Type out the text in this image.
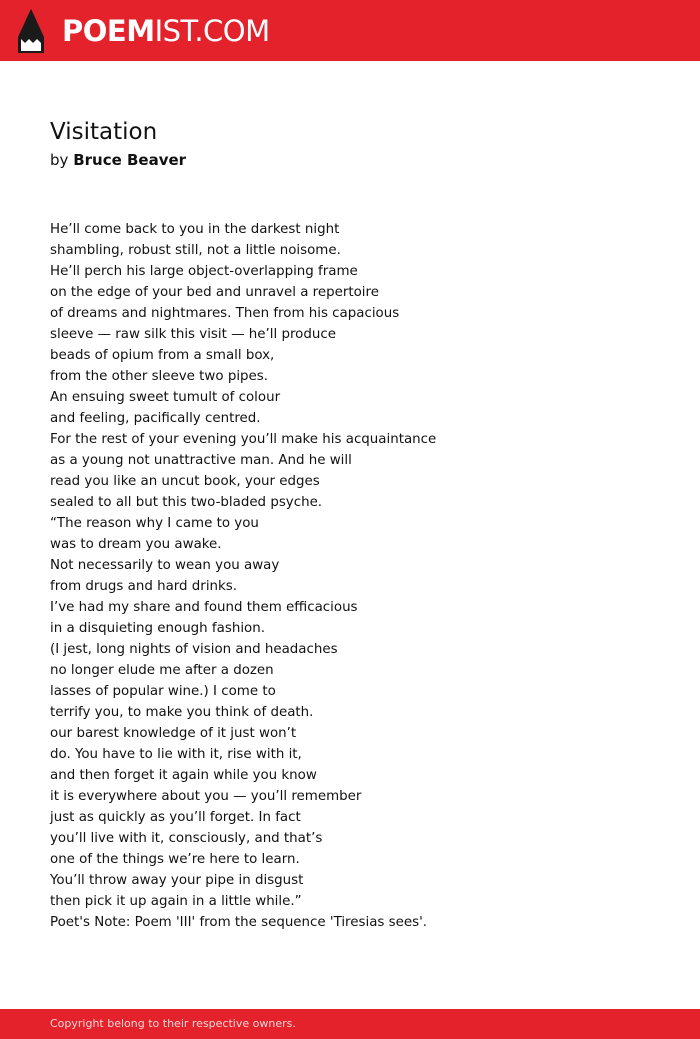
POEMIST.COM
Visitation
by Bruce Beaver
He’ll come back to you in the darkest night
shambling, robust still, not a little noisome.
He’ll perch his large object-overlapping frame
on the edge of your bed and unravel a repertoire
of dreams and nightmares. Then from his capacious
sleeve — raw silk this visit — he’ll produce
beads of opium from a small box,
from the other sleeve two pipes.
An ensuing sweet tumult of colour
and feeling, pacifically centred.
For the rest of your evening you’ll make his acquaintance
as a young not unattractive man. And he will
read you like an uncut book, your edges
sealed to all but this two-bladed psyche.
“The reason why I came to you
was to dream you awake.
Not necessarily to wean you away
from drugs and hard drinks.
I’ve had my share and found them efficacious
in a disquieting enough fashion.
(I jest, long nights of vision and headaches
no longer elude me after a dozen
lasses of popular wine.) I come to
terrify you, to make you think of death.
our barest knowledge of it just won’t
do. You have to lie with it, rise with it,
and then forget it again while you know
it is everywhere about you — you’ll remember
just as quickly as you’ll forget. In fact
you’ll live with it, consciously, and that’s
one of the things we’re here to learn.
You’ll throw away your pipe in disgust
then pick it up again in a little while.”
Poet's Note: Poem 'III' from the sequence 'Tiresias sees'.
Copyright belong to their respective owners.
